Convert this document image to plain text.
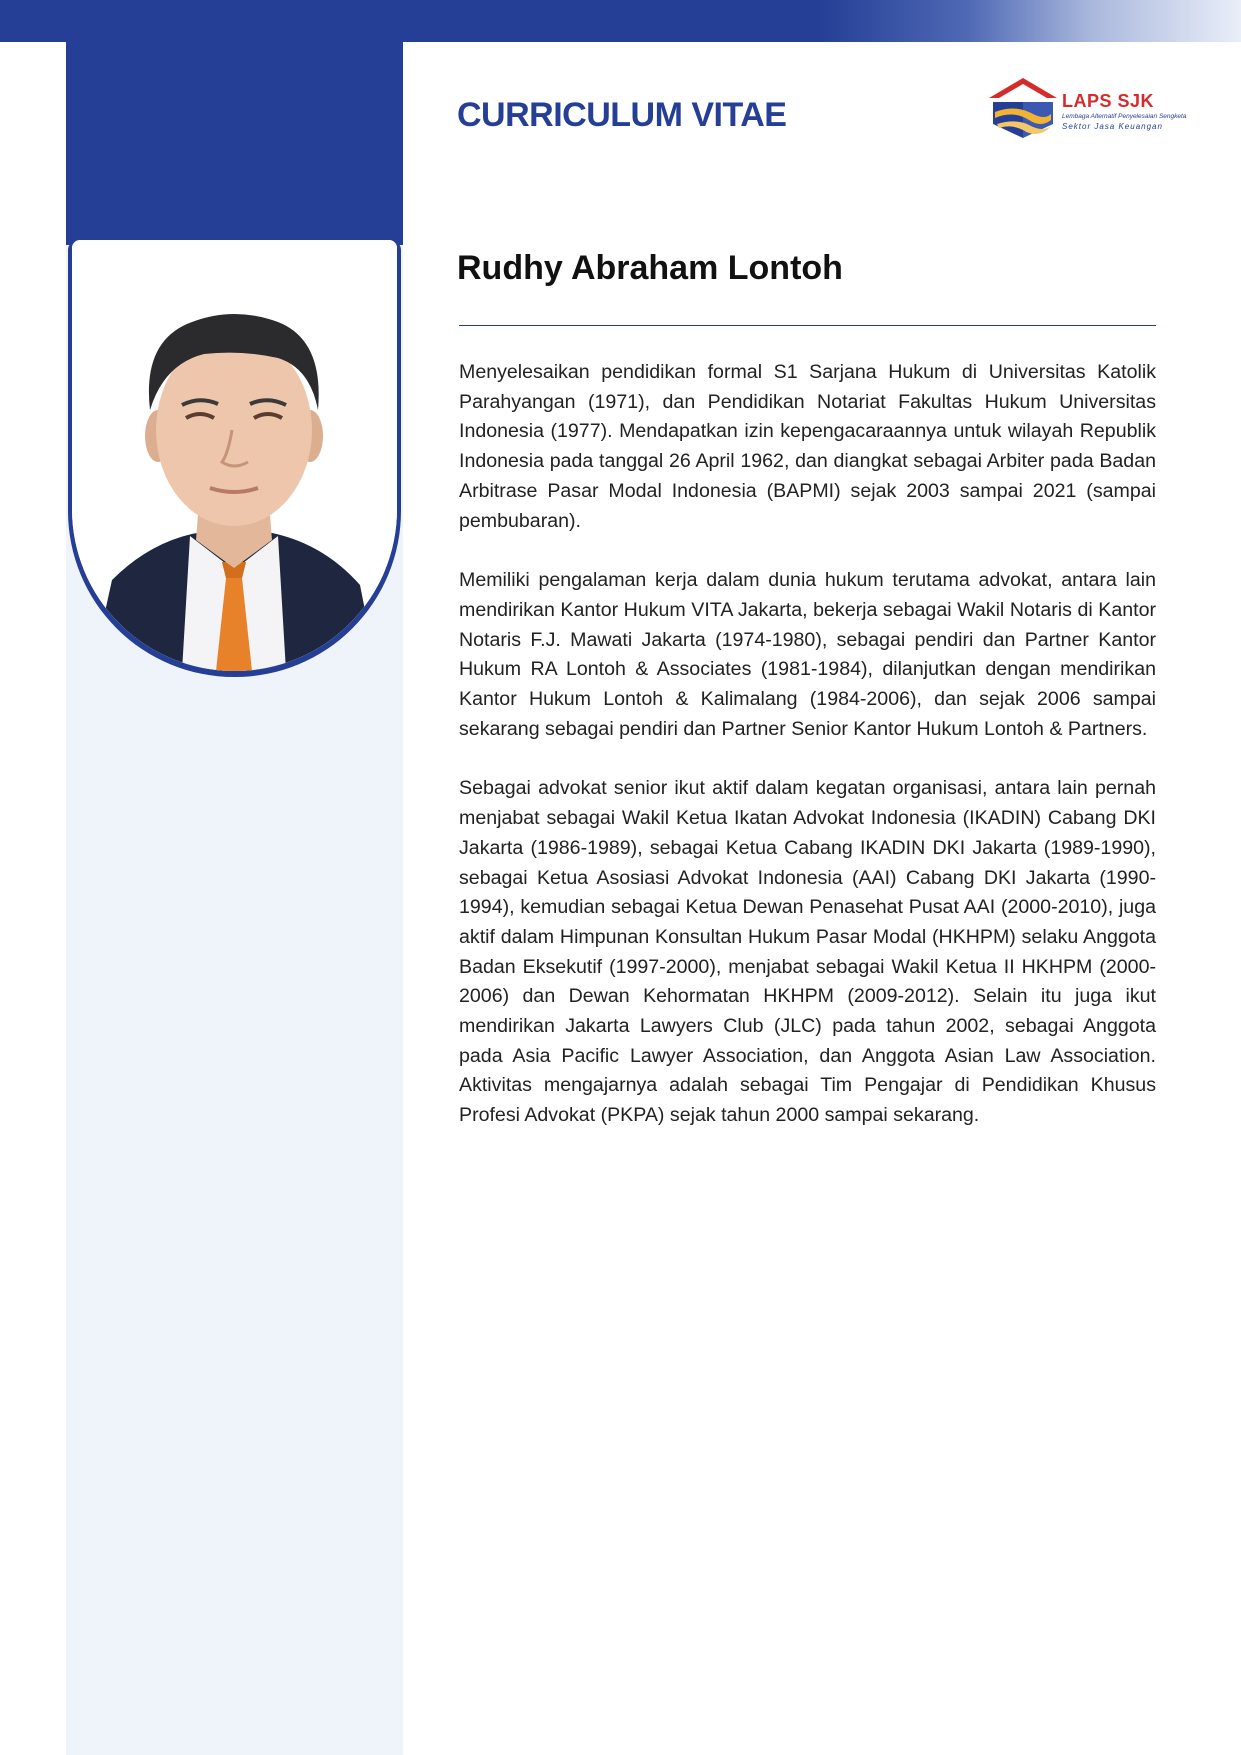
CURRICULUM VITAE	LAPS SJK

Lembaga Alternatif Penyelesaian Sengketa

Sektor Jasa Keuangan

Rudhy Abraham Lontoh

Menyelesaikan pendidikan formal S1 Sarjana Hukum di Universitas Katolik Parahyangan (1971), dan Pendidikan Notariat Fakultas Hukum Universitas Indonesia (1977). Mendapatkan izin kepengacaraannya untuk wilayah Republik Indonesia pada tanggal 26 April 1962, dan diangkat sebagai Arbiter pada Badan Arbitrase Pasar Modal Indonesia (BAPMI) sejak 2003 sampai 2021 (sampai pembubaran).

Memiliki pengalaman kerja dalam dunia hukum terutama advokat, antara lain mendirikan Kantor Hukum VITA Jakarta, bekerja sebagai Wakil Notaris di Kantor Notaris F.J. Mawati Jakarta (1974-1980), sebagai pendiri dan Partner Kantor Hukum RA Lontoh & Associates (1981-1984), dilanjutkan dengan mendirikan Kantor Hukum Lontoh & Kalimalang (1984-2006), dan sejak 2006 sampai sekarang sebagai pendiri dan Partner Senior Kantor Hukum Lontoh & Partners.

Sebagai advokat senior ikut aktif dalam kegatan organisasi, antara lain pernah menjabat sebagai Wakil Ketua Ikatan Advokat Indonesia (IKADIN) Cabang DKI Jakarta (1986-1989), sebagai Ketua Cabang IKADIN DKI Jakarta (1989-1990), sebagai Ketua Asosiasi Advokat Indonesia (AAI) Cabang DKI Jakarta (1990-1994), kemudian sebagai Ketua Dewan Penasehat Pusat AAI (2000-2010), juga aktif dalam Himpunan Konsultan Hukum Pasar Modal (HKHPM) selaku Anggota Badan Eksekutif (1997-2000), menjabat sebagai Wakil Ketua II HKHPM (2000-2006) dan Dewan Kehormatan HKHPM (2009-2012). Selain itu juga ikut mendirikan Jakarta Lawyers Club (JLC) pada tahun 2002, sebagai Anggota pada Asia Pacific Lawyer Association, dan Anggota Asian Law Association. Aktivitas mengajarnya adalah sebagai Tim Pengajar di Pendidikan Khusus Profesi Advokat (PKPA) sejak tahun 2000 sampai sekarang.
